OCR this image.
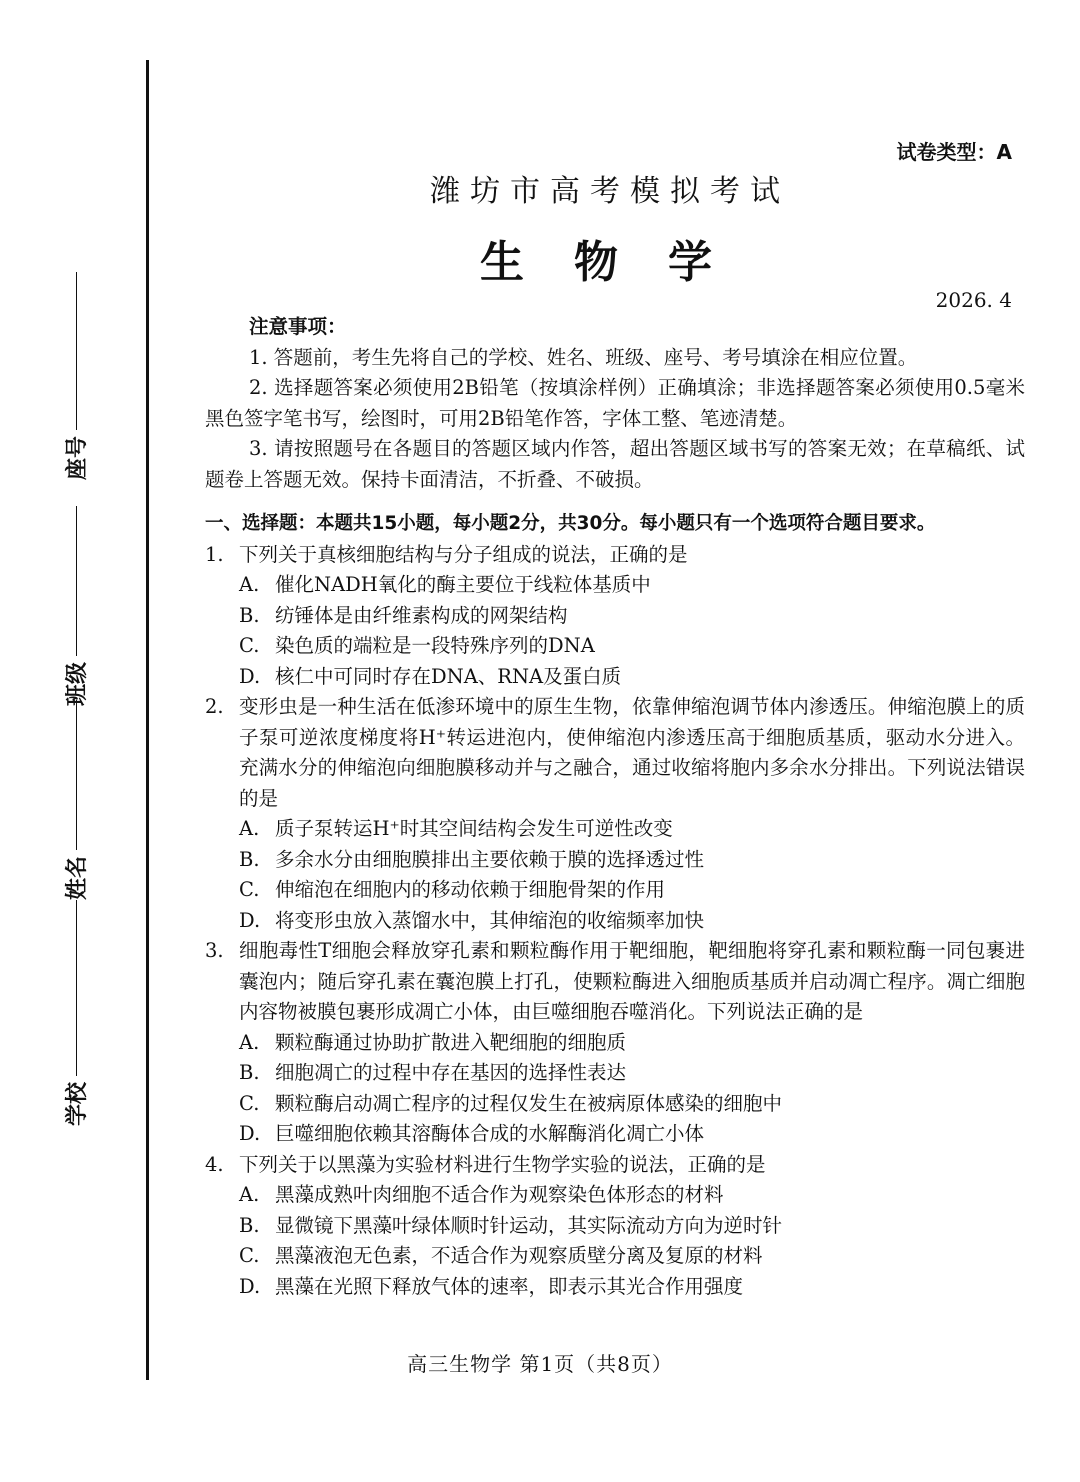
座号
班级
姓名
学校
试卷类型：A
潍坊市高考模拟考试
生物学
2026. 4
注意事项：
1. 答题前，考生先将自己的学校、姓名、班级、座号、考号填涂在相应位置。
2. 选择题答案必须使用2B铅笔（按填涂样例）正确填涂；非选择题答案必须使用0.5毫米黑色签字笔书写，绘图时，可用2B铅笔作答，字体工整、笔迹清楚。
3. 请按照题号在各题目的答题区域内作答，超出答题区域书写的答案无效；在草稿纸、试题卷上答题无效。保持卡面清洁，不折叠、不破损。
一、选择题：本题共15小题，每小题2分，共30分。每小题只有一个选项符合题目要求。
1. 下列关于真核细胞结构与分子组成的说法，正确的是
A. 催化NADH氧化的酶主要位于线粒体基质中
B. 纺锤体是由纤维素构成的网架结构
C. 染色质的端粒是一段特殊序列的DNA
D. 核仁中可同时存在DNA、RNA及蛋白质
2. 变形虫是一种生活在低渗环境中的原生生物，依靠伸缩泡调节体内渗透压。伸缩泡膜上的质子泵可逆浓度梯度将H⁺转运进泡内，使伸缩泡内渗透压高于细胞质基质，驱动水分进入。充满水分的伸缩泡向细胞膜移动并与之融合，通过收缩将胞内多余水分排出。下列说法错误的是
A. 质子泵转运H⁺时其空间结构会发生可逆性改变
B. 多余水分由细胞膜排出主要依赖于膜的选择透过性
C. 伸缩泡在细胞内的移动依赖于细胞骨架的作用
D. 将变形虫放入蒸馏水中，其伸缩泡的收缩频率加快
3. 细胞毒性T细胞会释放穿孔素和颗粒酶作用于靶细胞，靶细胞将穿孔素和颗粒酶一同包裹进囊泡内；随后穿孔素在囊泡膜上打孔，使颗粒酶进入细胞质基质并启动凋亡程序。凋亡细胞内容物被膜包裹形成凋亡小体，由巨噬细胞吞噬消化。下列说法正确的是
A. 颗粒酶通过协助扩散进入靶细胞的细胞质
B. 细胞凋亡的过程中存在基因的选择性表达
C. 颗粒酶启动凋亡程序的过程仅发生在被病原体感染的细胞中
D. 巨噬细胞依赖其溶酶体合成的水解酶消化凋亡小体
4. 下列关于以黑藻为实验材料进行生物学实验的说法，正确的是
A. 黑藻成熟叶肉细胞不适合作为观察染色体形态的材料
B. 显微镜下黑藻叶绿体顺时针运动，其实际流动方向为逆时针
C. 黑藻液泡无色素，不适合作为观察质壁分离及复原的材料
D. 黑藻在光照下释放气体的速率，即表示其光合作用强度
高三生物学 第1页（共8页）
